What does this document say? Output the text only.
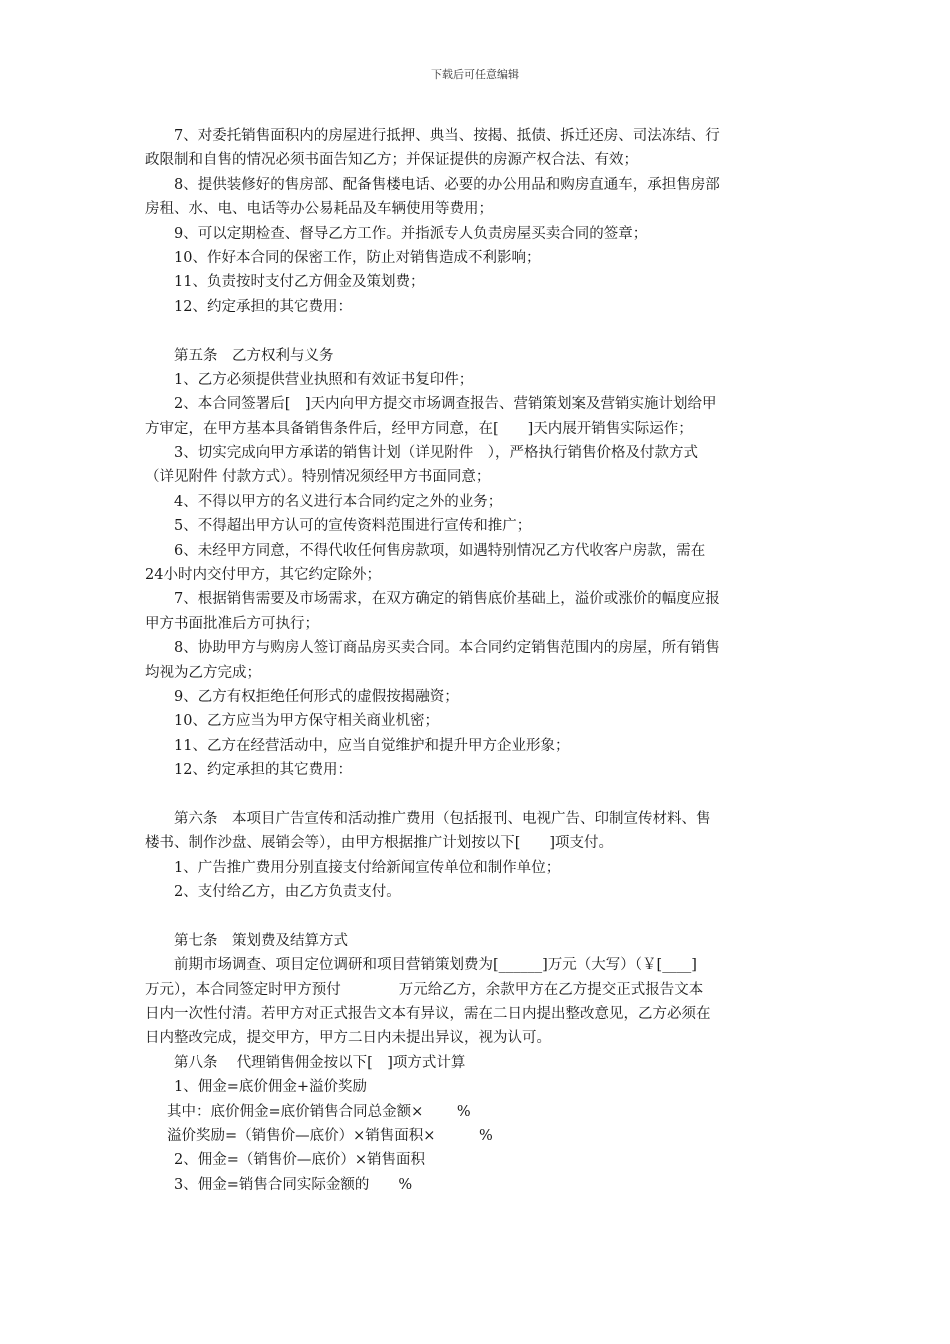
下载后可任意编辑
7、对委托销售面积内的房屋进行抵押、典当、按揭、抵债、拆迁还房、司法冻结、行
政限制和自售的情况必须书面告知乙方；并保证提供的房源产权合法、有效；
8、提供装修好的售房部、配备售楼电话、必要的办公用品和购房直通车，承担售房部
房租、水、电、电话等办公易耗品及车辆使用等费用；
9、可以定期检查、督导乙方工作。并指派专人负责房屋买卖合同的签章；
10、作好本合同的保密工作，防止对销售造成不利影响；
11、负责按时支付乙方佣金及策划费；
12、约定承担的其它费用：
第五条　乙方权利与义务
1、乙方必须提供营业执照和有效证书复印件；
2、本合同签署后[　]天内向甲方提交市场调查报告、营销策划案及营销实施计划给甲
方审定，在甲方基本具备销售条件后，经甲方同意，在[　　]天内展开销售实际运作；
3、切实完成向甲方承诺的销售计划（详见附件　），严格执行销售价格及付款方式
（详见附件 付款方式）。特别情况须经甲方书面同意；
4、不得以甲方的名义进行本合同约定之外的业务；
5、不得超出甲方认可的宣传资料范围进行宣传和推广；
6、未经甲方同意，不得代收任何售房款项，如遇特别情况乙方代收客户房款，需在
24小时内交付甲方，其它约定除外；
7、根据销售需要及市场需求，在双方确定的销售底价基础上，溢价或涨价的幅度应报
甲方书面批准后方可执行；
8、协助甲方与购房人签订商品房买卖合同。本合同约定销售范围内的房屋，所有销售
均视为乙方完成；
9、乙方有权拒绝任何形式的虚假按揭融资；
10、乙方应当为甲方保守相关商业机密；
11、乙方在经营活动中，应当自觉维护和提升甲方企业形象；
12、约定承担的其它费用：
第六条　本项目广告宣传和活动推广费用（包括报刊、电视广告、印制宣传材料、售
楼书、制作沙盘、展销会等），由甲方根据推广计划按以下[　　]项支付。
1、广告推广费用分别直接支付给新闻宣传单位和制作单位；
2、支付给乙方，由乙方负责支付。
第七条　策划费及结算方式
前期市场调查、项目定位调研和项目营销策划费为[______]万元（大写）（￥[____]
万元），本合同签定时甲方预付　　　　万元给乙方，余款甲方在乙方提交正式报告文本
日内一次性付清。若甲方对正式报告文本有异议，需在二日内提出整改意见，乙方必须在
日内整改完成，提交甲方，甲方二日内未提出异议，视为认可。
第八条　 代理销售佣金按以下[　]项方式计算
1、佣金=底价佣金+溢价奖励
其中：底价佣金=底价销售合同总金额×　　 %
溢价奖励=（销售价—底价）×销售面积×　　　%
2、佣金=（销售价—底价）×销售面积
3、佣金=销售合同实际金额的　　%
